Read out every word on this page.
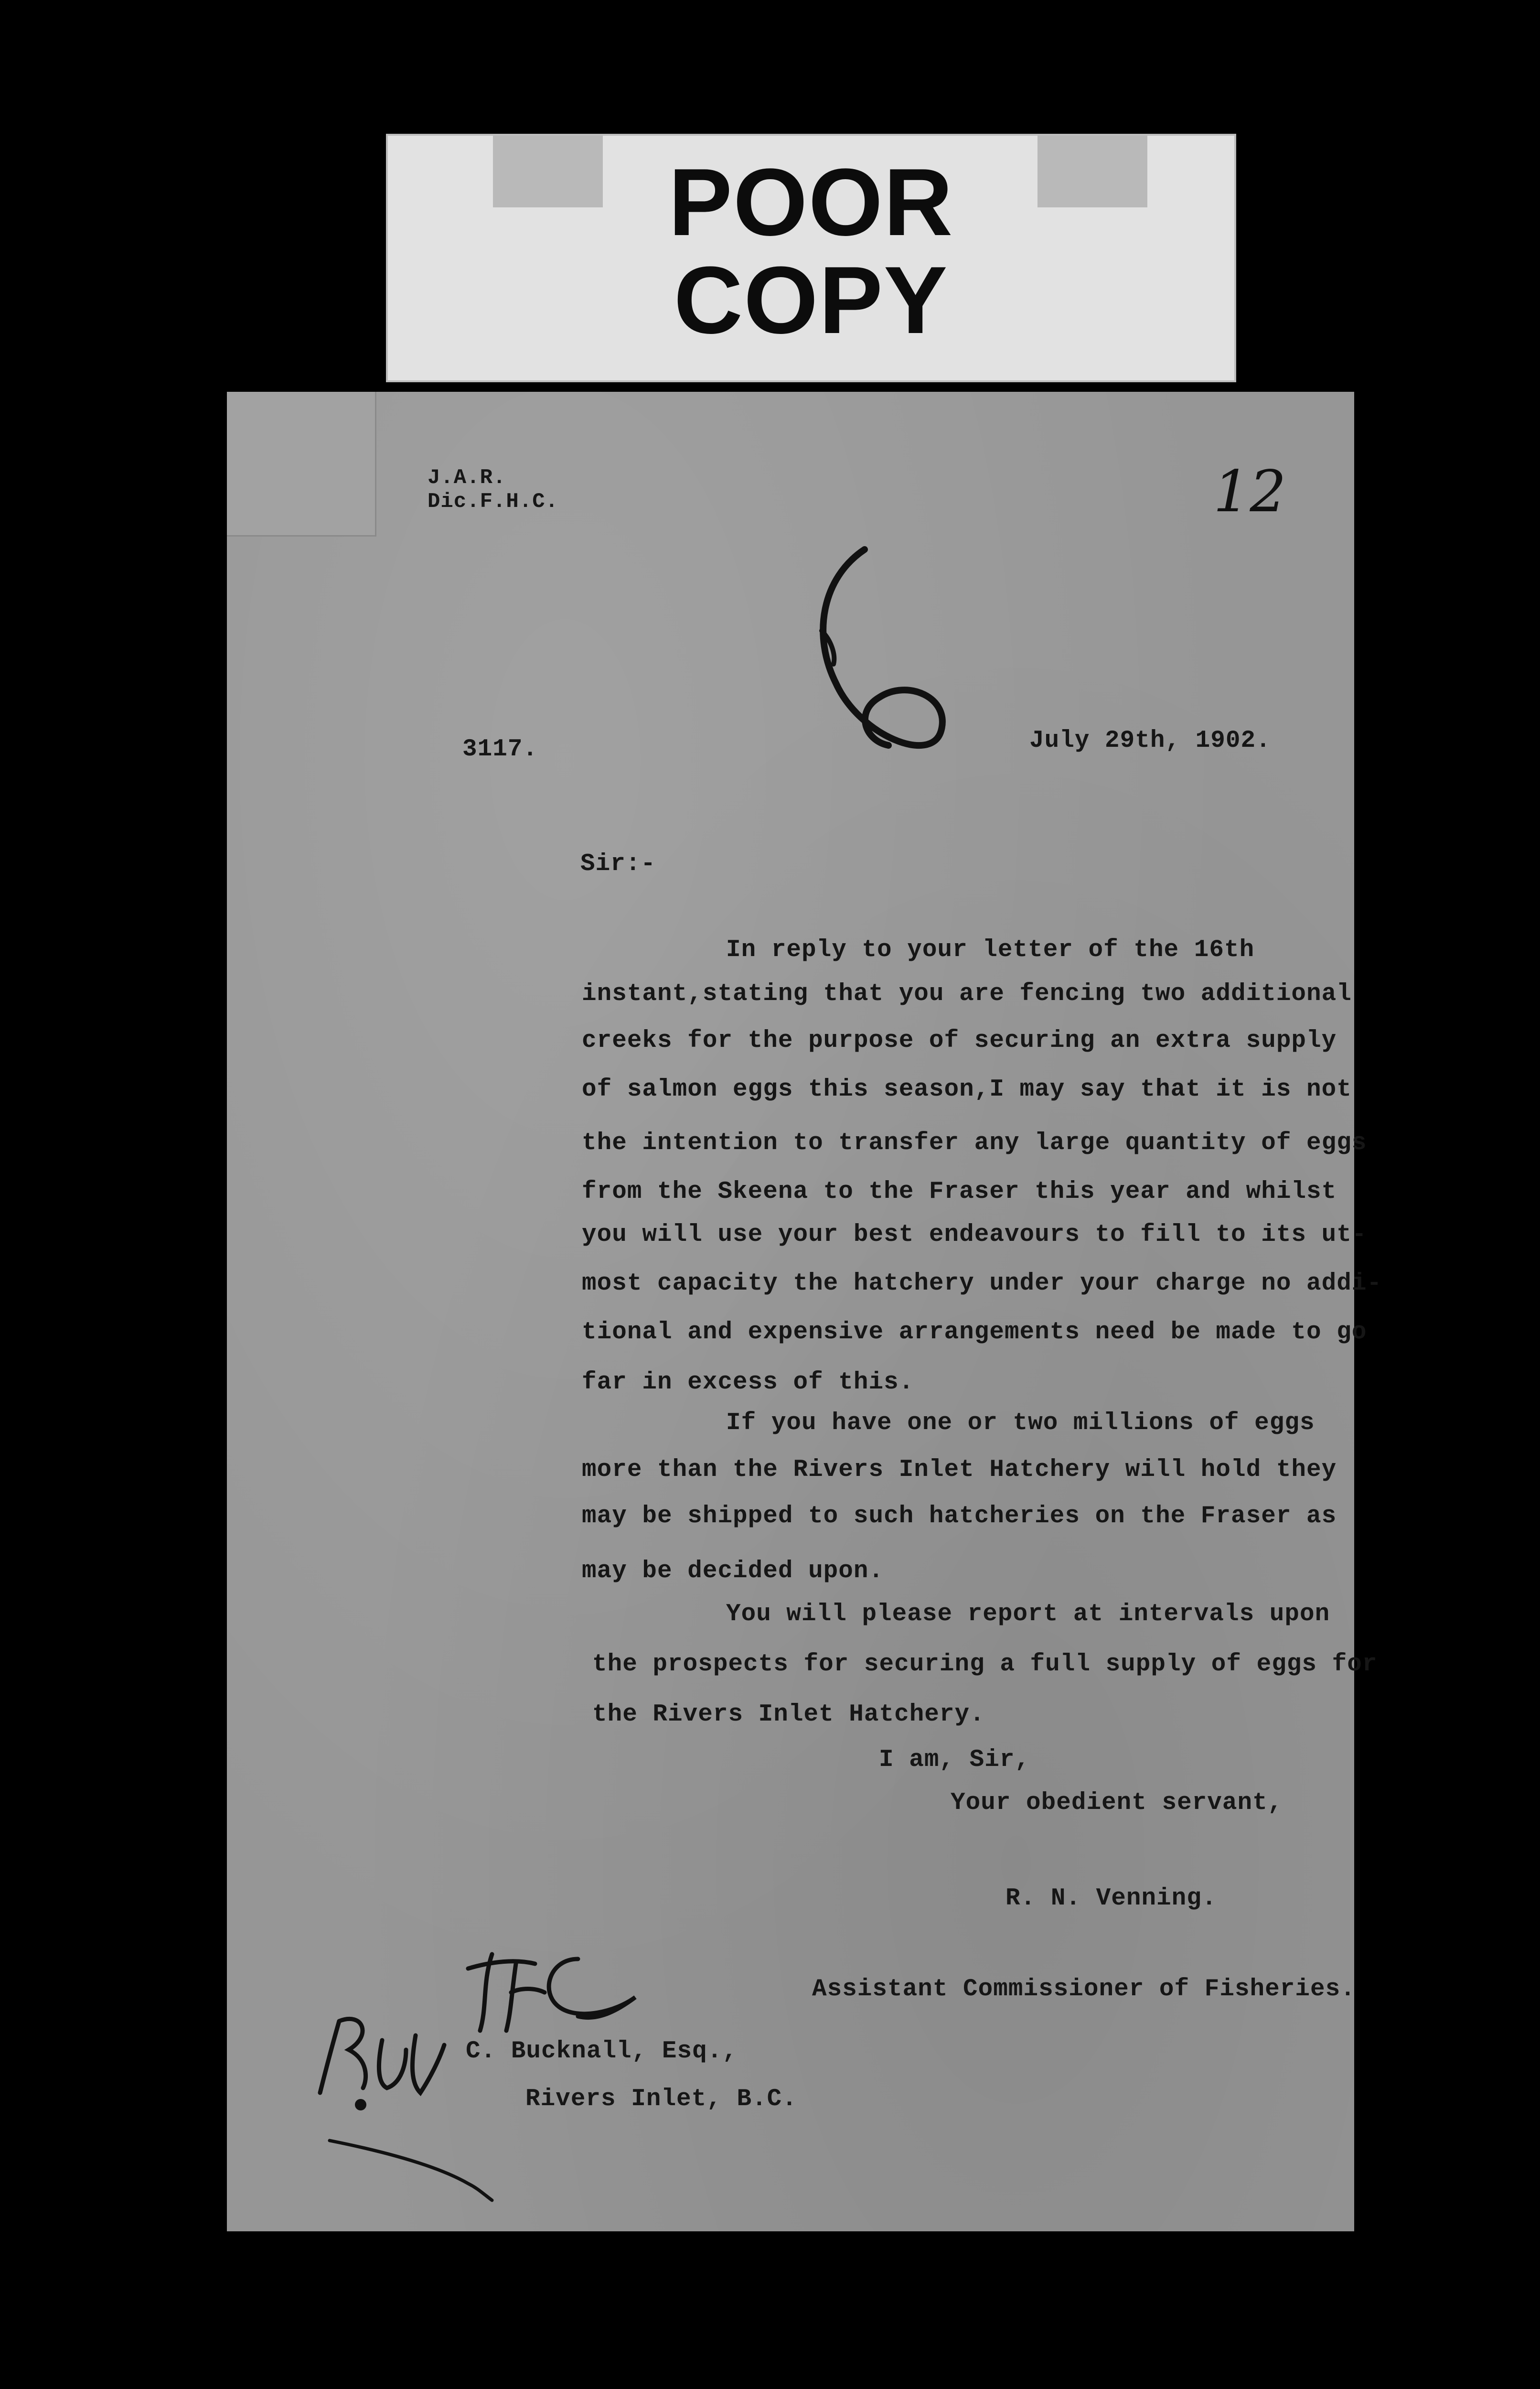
POOR
COPY
J.A.R.
Dic.F.H.C.	12
3117.	July 29th, 1902.
Sir:-
In reply to your letter of the 16th
instant,stating that you are fencing two additional
creeks for the purpose of securing an extra supply
of salmon eggs this season,I may say that it is not
the intention to transfer any large quantity of eggs
from the Skeena to the Fraser this year and whilst
you will use your best endeavours to fill to its ut-
most capacity the hatchery under your charge no addi-
tional and expensive arrangements need be made to go
far in excess of this.
If you have one or two millions of eggs
more than the Rivers Inlet Hatchery will hold they
may be shipped to such hatcheries on the Fraser as
may be decided upon.
You will please report at intervals upon
the prospects for securing a full supply of eggs for
the Rivers Inlet Hatchery.
I am, Sir,
Your obedient servant,
R. N. Venning.
Assistant Commissioner of Fisheries.
C. Bucknall, Esq.,
Rivers Inlet, B.C.
